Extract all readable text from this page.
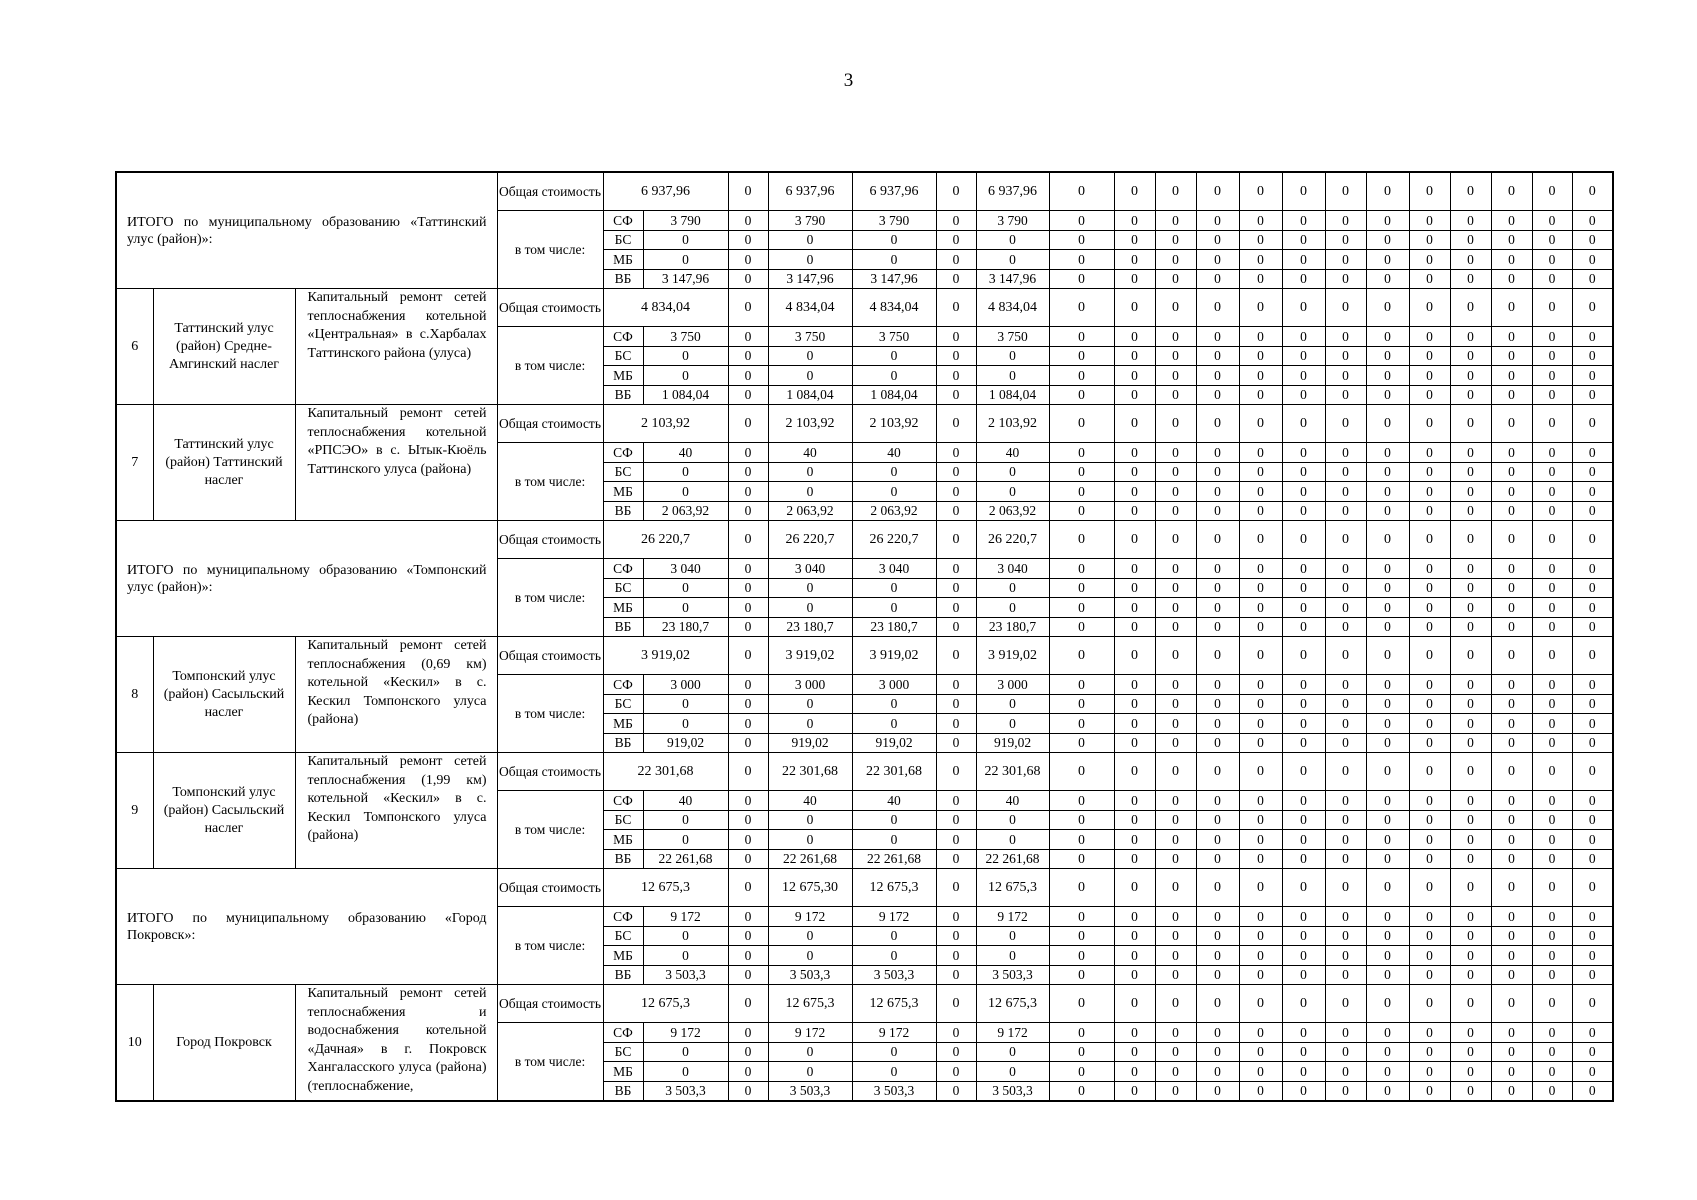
3
ИТОГО по муниципальному образованию «Таттинский улус (район)»:			Общая стоимость	6 937,96		0	6 937,96	6 937,96	0	6 937,96	0	0	0	0	0	0	0	0	0	0	0	0	0
			в том числе:	СФ	3 790	0	3 790	3 790	0	3 790	0	0	0	0	0	0	0	0	0	0	0	0	0
				БС	0	0	0	0	0	0	0	0	0	0	0	0	0	0	0	0	0	0	0
				МБ	0	0	0	0	0	0	0	0	0	0	0	0	0	0	0	0	0	0	0
				ВБ	3 147,96	0	3 147,96	3 147,96	0	3 147,96	0	0	0	0	0	0	0	0	0	0	0	0	0
6	Таттинский улус (район) Средне-Амгинский наслег	Капитальный ремонт сетей теплоснабжения котельной «Центральная» в с.Харбалах Таттинского района (улуса)	Общая стоимость	4 834,04		0	4 834,04	4 834,04	0	4 834,04	0	0	0	0	0	0	0	0	0	0	0	0	0
			в том числе:	СФ	3 750	0	3 750	3 750	0	3 750	0	0	0	0	0	0	0	0	0	0	0	0	0
				БС	0	0	0	0	0	0	0	0	0	0	0	0	0	0	0	0	0	0	0
				МБ	0	0	0	0	0	0	0	0	0	0	0	0	0	0	0	0	0	0	0
				ВБ	1 084,04	0	1 084,04	1 084,04	0	1 084,04	0	0	0	0	0	0	0	0	0	0	0	0	0
7	Таттинский улус (район) Таттинский наслег	Капитальный ремонт сетей теплоснабжения котельной «РПСЭО» в с. Ытык-Кюёль Таттинского улуса (района)	Общая стоимость	2 103,92		0	2 103,92	2 103,92	0	2 103,92	0	0	0	0	0	0	0	0	0	0	0	0	0
			в том числе:	СФ	40	0	40	40	0	40	0	0	0	0	0	0	0	0	0	0	0	0	0
				БС	0	0	0	0	0	0	0	0	0	0	0	0	0	0	0	0	0	0	0
				МБ	0	0	0	0	0	0	0	0	0	0	0	0	0	0	0	0	0	0	0
				ВБ	2 063,92	0	2 063,92	2 063,92	0	2 063,92	0	0	0	0	0	0	0	0	0	0	0	0	0
ИТОГО по муниципальному образованию «Томпонский улус (район)»:			Общая стоимость	26 220,7		0	26 220,7	26 220,7	0	26 220,7	0	0	0	0	0	0	0	0	0	0	0	0	0
			в том числе:	СФ	3 040	0	3 040	3 040	0	3 040	0	0	0	0	0	0	0	0	0	0	0	0	0
				БС	0	0	0	0	0	0	0	0	0	0	0	0	0	0	0	0	0	0	0
				МБ	0	0	0	0	0	0	0	0	0	0	0	0	0	0	0	0	0	0	0
				ВБ	23 180,7	0	23 180,7	23 180,7	0	23 180,7	0	0	0	0	0	0	0	0	0	0	0	0	0
8	Томпонский улус (район) Сасыльский наслег	Капитальный ремонт сетей теплоснабжения (0,69 км) котельной «Кескил» в с. Кескил Томпонского улуса (района)	Общая стоимость	3 919,02		0	3 919,02	3 919,02	0	3 919,02	0	0	0	0	0	0	0	0	0	0	0	0	0
			в том числе:	СФ	3 000	0	3 000	3 000	0	3 000	0	0	0	0	0	0	0	0	0	0	0	0	0
				БС	0	0	0	0	0	0	0	0	0	0	0	0	0	0	0	0	0	0	0
				МБ	0	0	0	0	0	0	0	0	0	0	0	0	0	0	0	0	0	0	0
				ВБ	919,02	0	919,02	919,02	0	919,02	0	0	0	0	0	0	0	0	0	0	0	0	0
9	Томпонский улус (район) Сасыльский наслег	Капитальный ремонт сетей теплоснабжения (1,99 км) котельной «Кескил» в с. Кескил Томпонского улуса (района)	Общая стоимость	22 301,68		0	22 301,68	22 301,68	0	22 301,68	0	0	0	0	0	0	0	0	0	0	0	0	0
			в том числе:	СФ	40	0	40	40	0	40	0	0	0	0	0	0	0	0	0	0	0	0	0
				БС	0	0	0	0	0	0	0	0	0	0	0	0	0	0	0	0	0	0	0
				МБ	0	0	0	0	0	0	0	0	0	0	0	0	0	0	0	0	0	0	0
				ВБ	22 261,68	0	22 261,68	22 261,68	0	22 261,68	0	0	0	0	0	0	0	0	0	0	0	0	0
ИТОГО по муниципальному образованию «Город Покровск»:			Общая стоимость	12 675,3		0	12 675,30	12 675,3	0	12 675,3	0	0	0	0	0	0	0	0	0	0	0	0	0
			в том числе:	СФ	9 172	0	9 172	9 172	0	9 172	0	0	0	0	0	0	0	0	0	0	0	0	0
				БС	0	0	0	0	0	0	0	0	0	0	0	0	0	0	0	0	0	0	0
				МБ	0	0	0	0	0	0	0	0	0	0	0	0	0	0	0	0	0	0	0
				ВБ	3 503,3	0	3 503,3	3 503,3	0	3 503,3	0	0	0	0	0	0	0	0	0	0	0	0	0
10	Город Покровск	Капитальный ремонт сетей теплоснабжения и водоснабжения котельной «Дачная» в г. Покровск Хангаласского улуса (района) (теплоснабжение,	Общая стоимость	12 675,3		0	12 675,3	12 675,3	0	12 675,3	0	0	0	0	0	0	0	0	0	0	0	0	0
			в том числе:	СФ	9 172	0	9 172	9 172	0	9 172	0	0	0	0	0	0	0	0	0	0	0	0	0
				БС	0	0	0	0	0	0	0	0	0	0	0	0	0	0	0	0	0	0	0
				МБ	0	0	0	0	0	0	0	0	0	0	0	0	0	0	0	0	0	0	0
				ВБ	3 503,3	0	3 503,3	3 503,3	0	3 503,3	0	0	0	0	0	0	0	0	0	0	0	0	0
